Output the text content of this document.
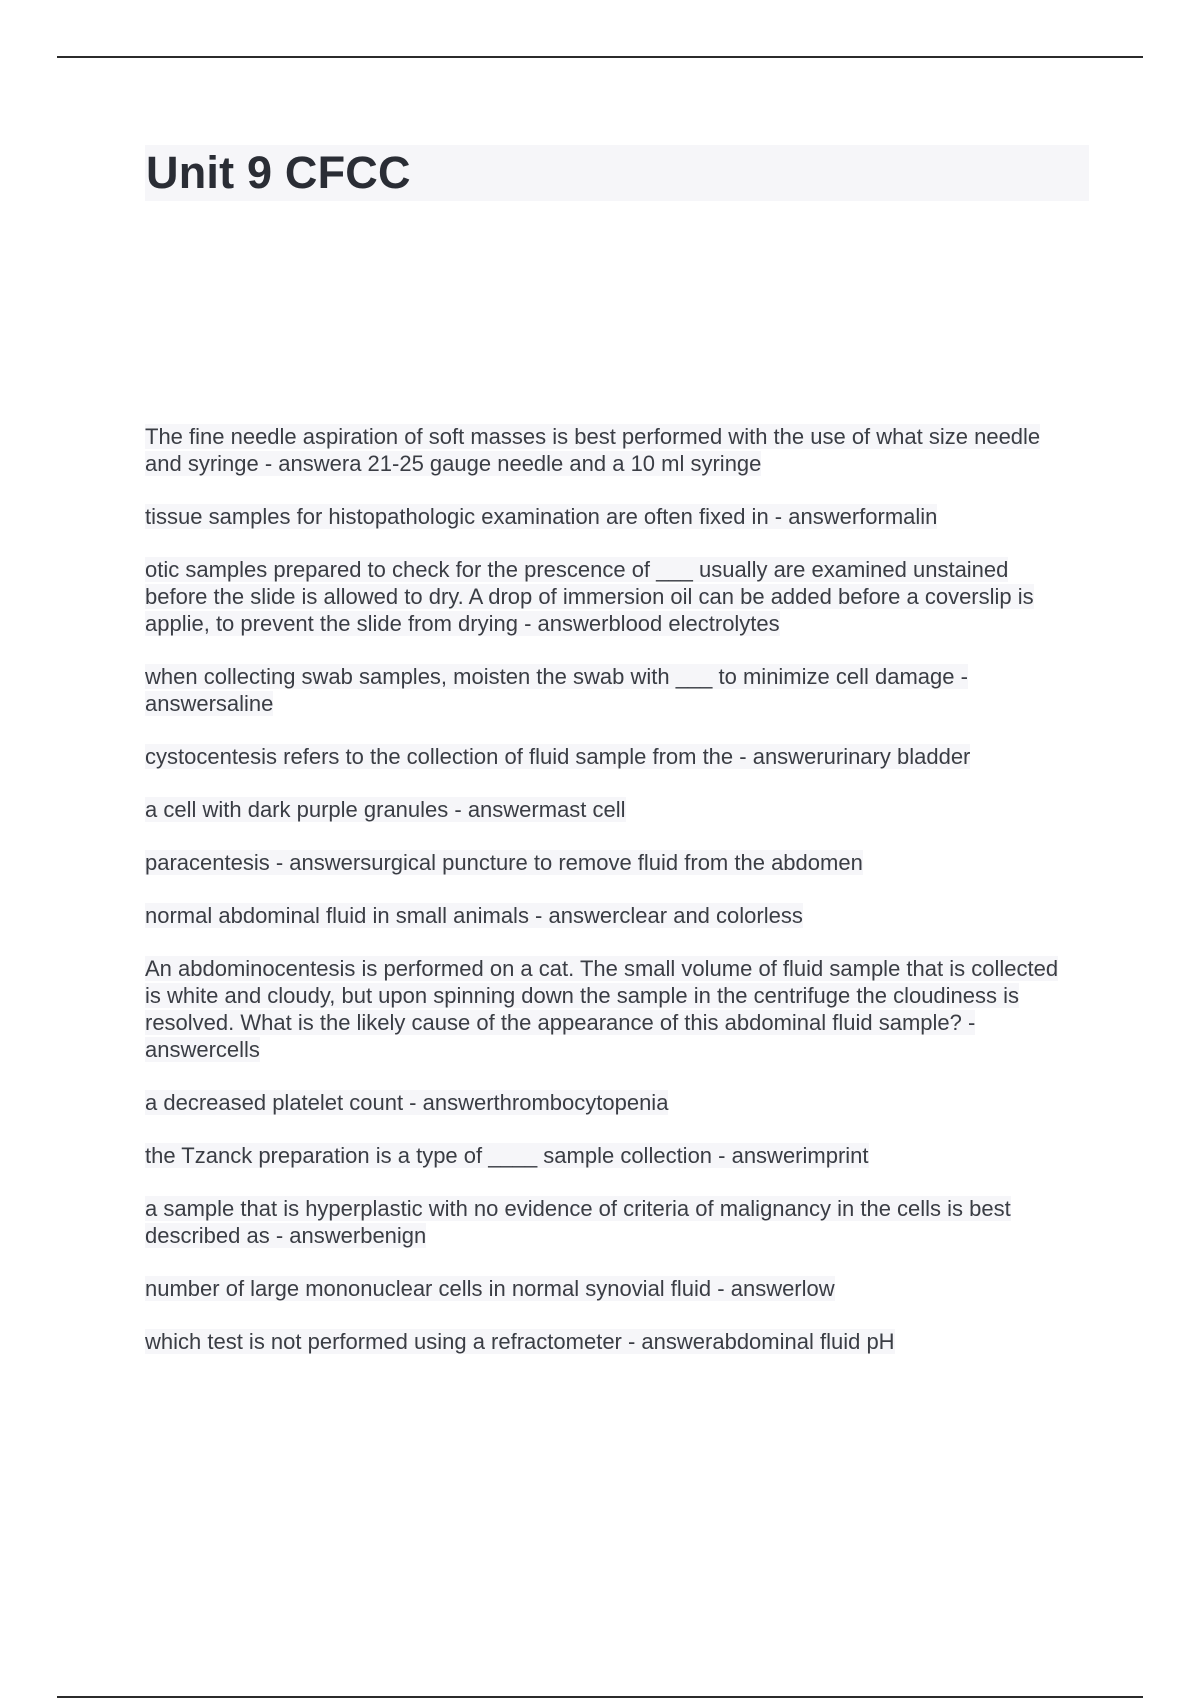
Unit 9 CFCC
The fine needle aspiration of soft masses is best performed with the use of what size needle and syringe - answera 21-25 gauge needle and a 10 ml syringe
tissue samples for histopathologic examination are often fixed in - answerformalin
otic samples prepared to check for the prescence of ___ usually are examined unstained before the slide is allowed to dry. A drop of immersion oil can be added before a coverslip is applie, to prevent the slide from drying - answerblood electrolytes
when collecting swab samples, moisten the swab with ___ to minimize cell damage - answersaline
cystocentesis refers to the collection of fluid sample from the - answerurinary bladder
a cell with dark purple granules - answermast cell
paracentesis - answersurgical puncture to remove fluid from the abdomen
normal abdominal fluid in small animals - answerclear and colorless
An abdominocentesis is performed on a cat. The small volume of fluid sample that is collected is white and cloudy, but upon spinning down the sample in the centrifuge the cloudiness is resolved. What is the likely cause of the appearance of this abdominal fluid sample? - answercells
a decreased platelet count - answerthrombocytopenia
the Tzanck preparation is a type of ____ sample collection - answerimprint
a sample that is hyperplastic with no evidence of criteria of malignancy in the cells is best described as - answerbenign
number of large mononuclear cells in normal synovial fluid - answerlow
which test is not performed using a refractometer - answerabdominal fluid pH
